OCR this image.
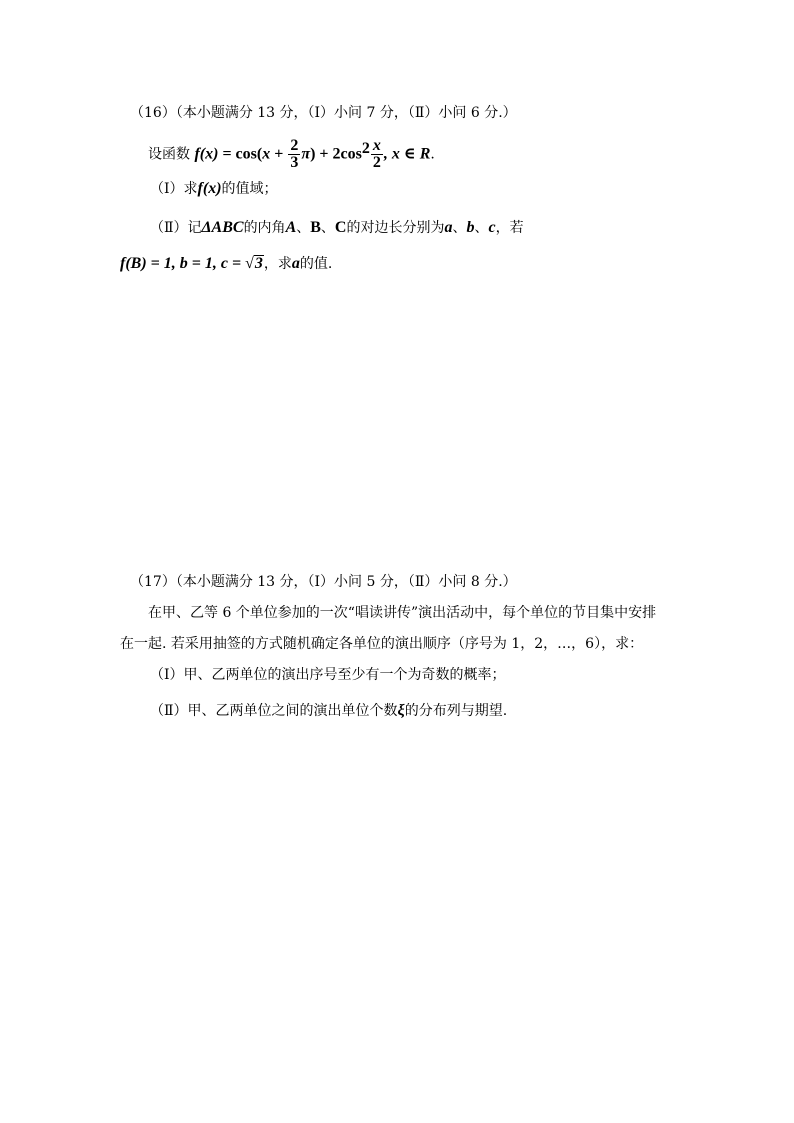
（16）（本小题满分 13 分，（Ⅰ）小问 7 分，（Ⅱ）小问 6 分.）
设函数 $f(x) = \cos(x + \frac{2}{3} \pi) + 2\cos^2 \frac{x}{2}$ , x ∈ R.
（Ⅰ）求f(x)的值域；
（Ⅱ）记ΔABC的内角A、B、C的对边长分别为a、b、c，若
f(B) = 1, b = 1, c = √3，求a的值.
（17）（本小题满分 13 分，（Ⅰ）小问 5 分，（Ⅱ）小问 8 分.）
在甲、乙等 6 个单位参加的一次“唱读讲传”演出活动中，每个单位的节目集中安排
在一起. 若采用抽签的方式随机确定各单位的演出顺序（序号为 1，2，…，6），求：
（Ⅰ）甲、乙两单位的演出序号至少有一个为奇数的概率；
（Ⅱ）甲、乙两单位之间的演出单位个数ξ的分布列与期望.
